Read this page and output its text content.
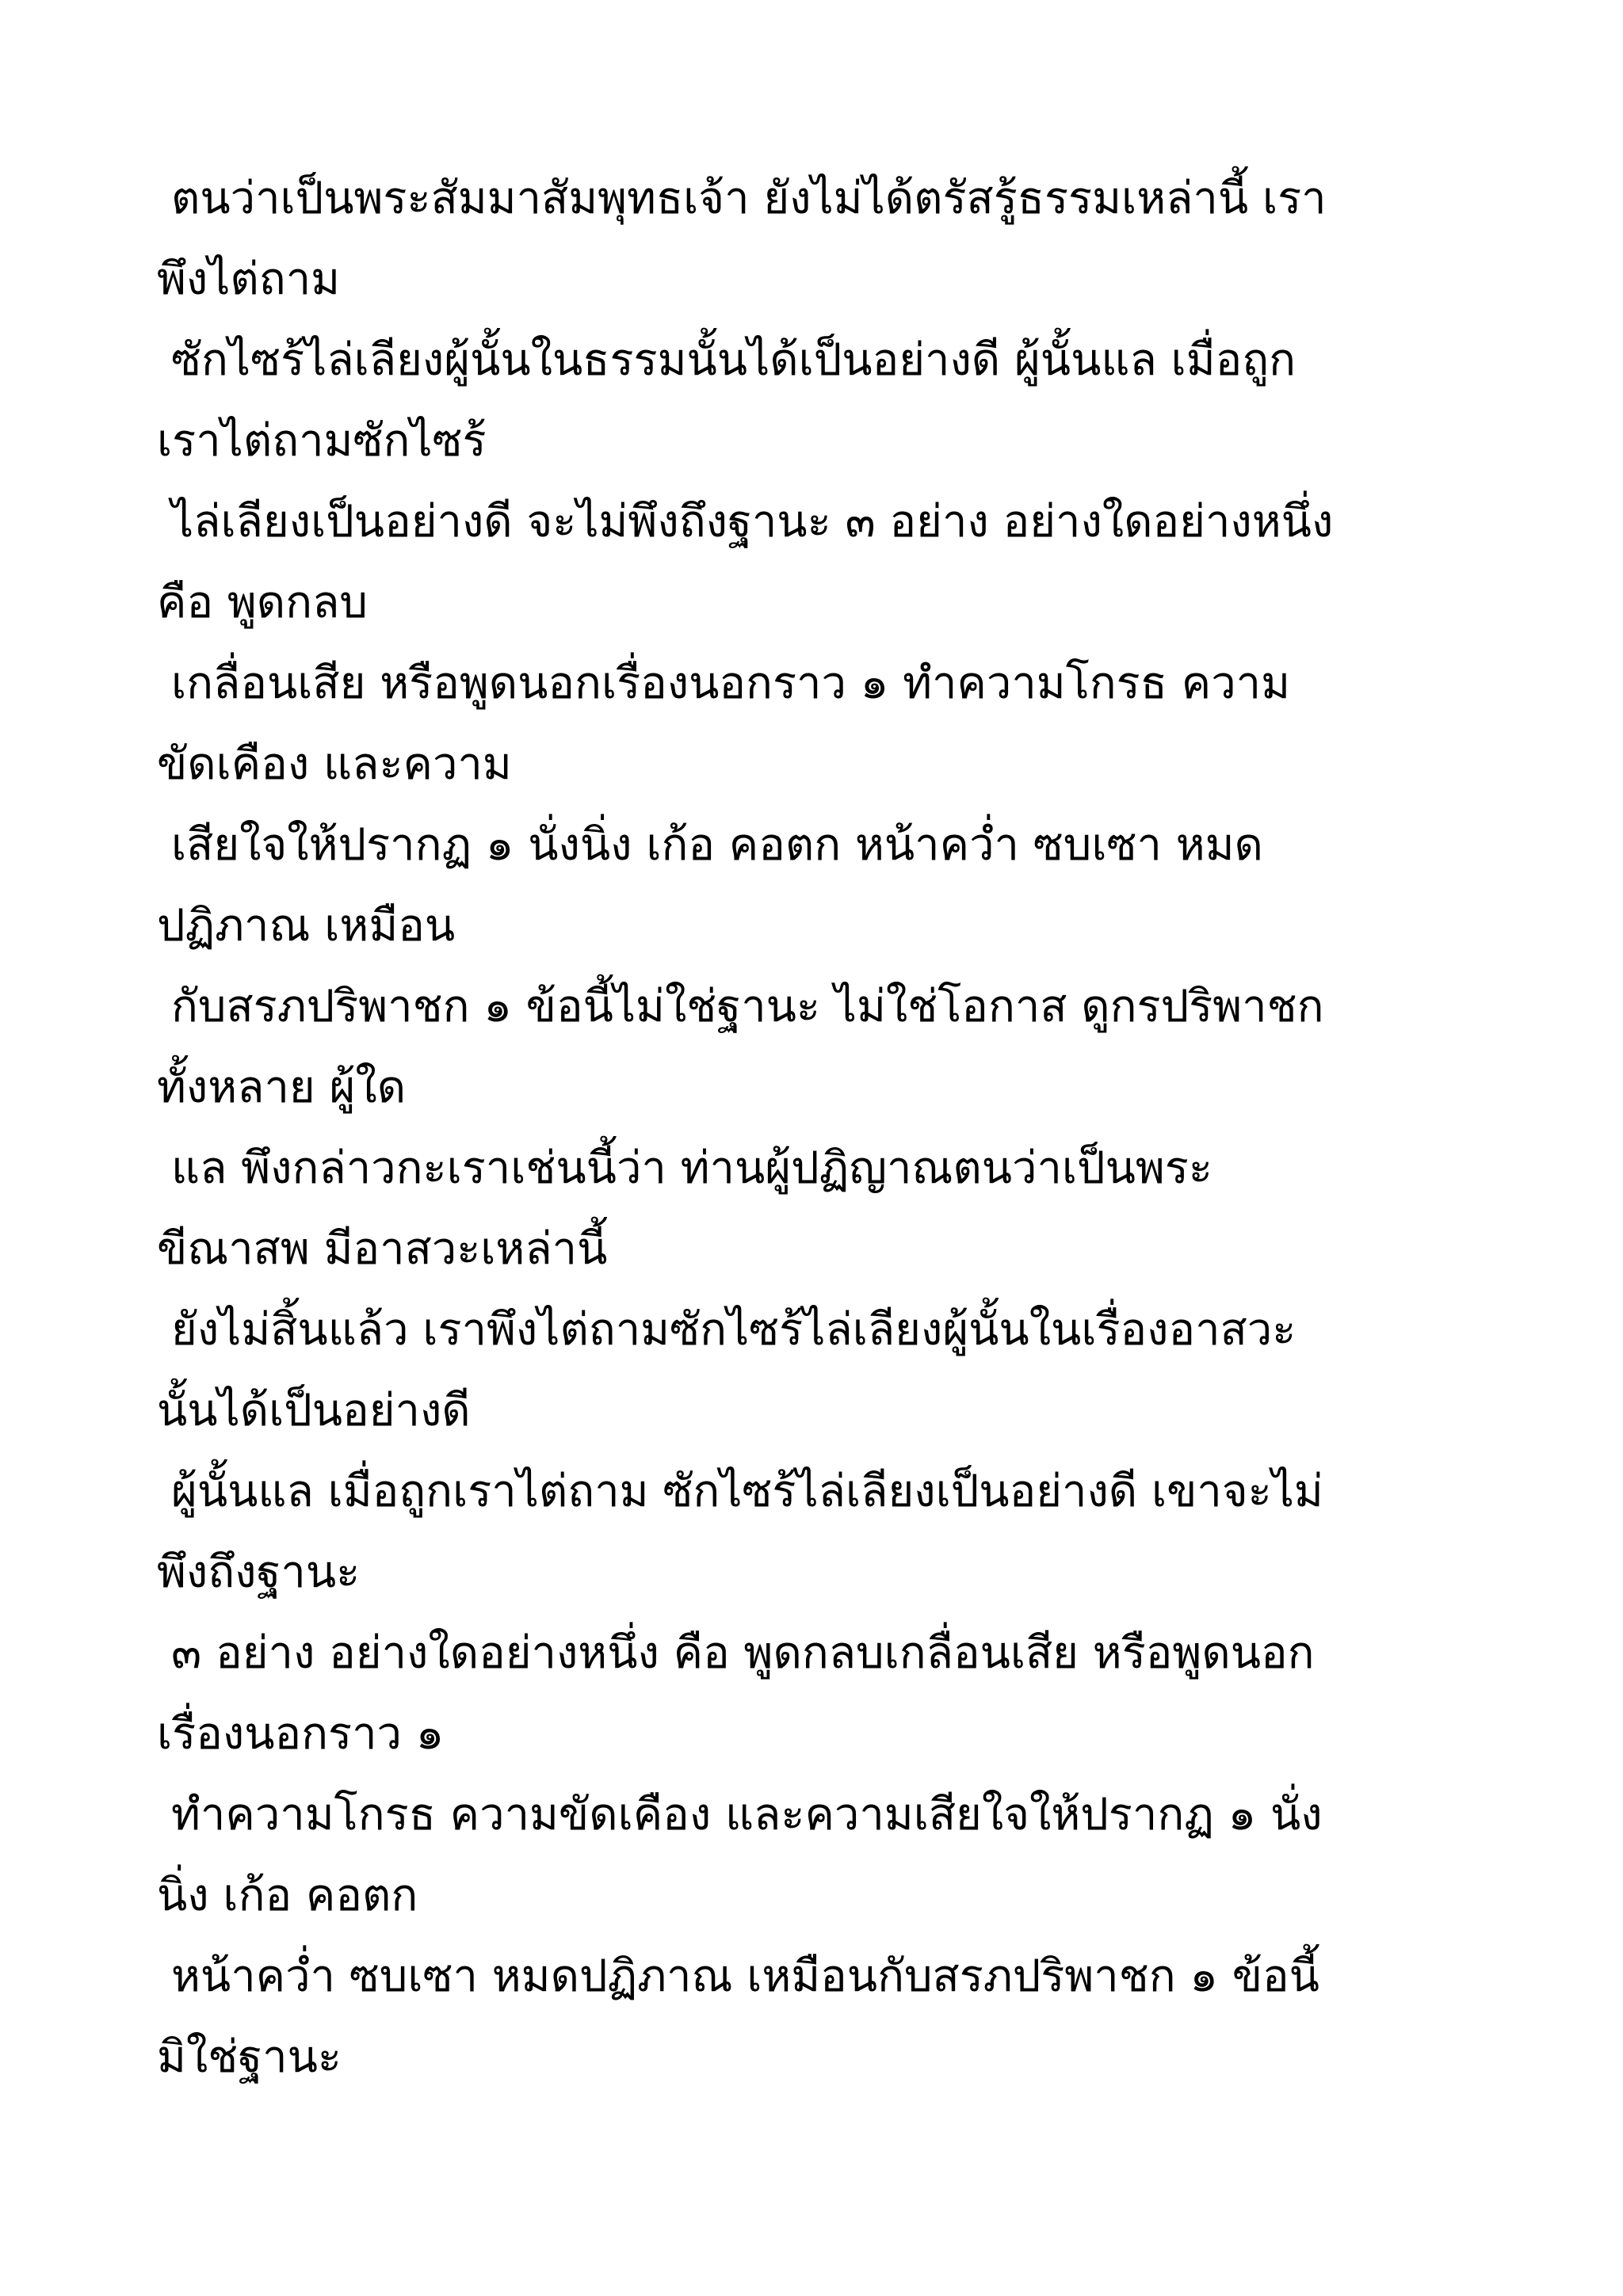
ตนว่าเป็นพระสัมมาสัมพุทธเจ้า ยังไม่ได้ตรัสรู้ธรรมเหล่านี้ เรา
พึงไต่ถาม
ซักไซร้ไล่เลียงผู้นั้นในธรรมนั้นได้เป็นอย่างดี ผู้นั้นแล เมื่อถูก
เราไต่ถามซักไซร้
ไล่เลียงเป็นอย่างดี จะไม่พึงถึงฐานะ ๓ อย่าง อย่างใดอย่างหนึ่ง
คือ พูดกลบ
เกลื่อนเสีย หรือพูดนอกเรื่องนอกราว ๑ ทำความโกรธ ความ
ขัดเคือง และความ
เสียใจให้ปรากฏ ๑ นั่งนิ่ง เก้อ คอตก หน้าคว่ำ ซบเซา หมด
ปฏิภาณ เหมือน
กับสรภปริพาชก ๑ ข้อนี้ไม่ใช่ฐานะ ไม่ใช่โอกาส ดูกรปริพาชก
ทั้งหลาย ผู้ใด
แล พึงกล่าวกะเราเช่นนี้ว่า ท่านผู้ปฏิญาณตนว่าเป็นพระ
ขีณาสพ มีอาสวะเหล่านี้
ยังไม่สิ้นแล้ว เราพึงไต่ถามซักไซร้ไล่เลียงผู้นั้นในเรื่องอาสวะ
นั้นได้เป็นอย่างดี
ผู้นั้นแล เมื่อถูกเราไต่ถาม ซักไซร้ไล่เลียงเป็นอย่างดี เขาจะไม่
พึงถึงฐานะ
๓ อย่าง อย่างใดอย่างหนึ่ง คือ พูดกลบเกลื่อนเสีย หรือพูดนอก
เรื่องนอกราว ๑
ทำความโกรธ ความขัดเคือง และความเสียใจให้ปรากฏ ๑ นั่ง
นิ่ง เก้อ คอตก
หน้าคว่ำ ซบเซา หมดปฏิภาณ เหมือนกับสรภปริพาชก ๑ ข้อนี้
มิใช่ฐานะ
